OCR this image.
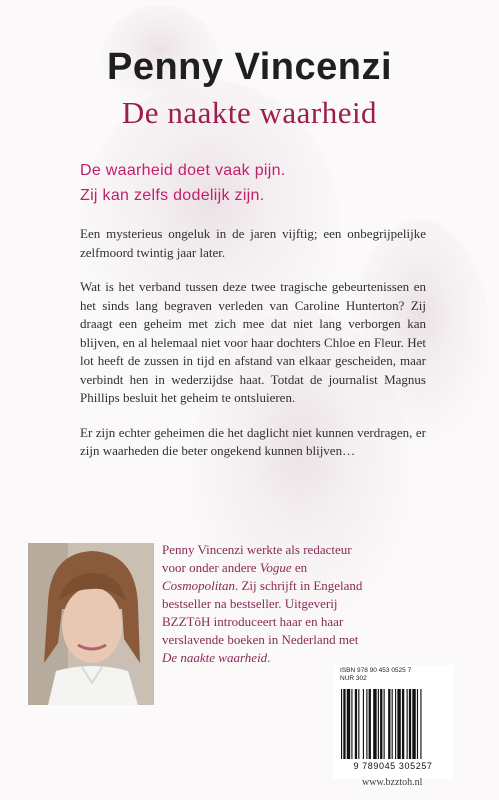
Penny Vincenzi
De naakte waarheid
De waarheid doet vaak pijn.
Zij kan zelfs dodelijk zijn.

Een mysterieus ongeluk in de jaren vijftig; een onbegrijpelijke zelfmoord twintig jaar later.

Wat is het verband tussen deze twee tragische gebeurtenissen en het sinds lang begraven verleden van Caroline Hunterton? Zij draagt een geheim met zich mee dat niet lang verborgen kan blijven, en al helemaal niet voor haar dochters Chloe en Fleur. Het lot heeft de zussen in tijd en afstand van elkaar gescheiden, maar verbindt hen in wederzijdse haat. Totdat de journalist Magnus Phillips besluit het geheim te ontsluieren.

Er zijn echter geheimen die het daglicht niet kunnen verdragen, er zijn waarheden die beter ongekend kunnen blijven…

Penny Vincenzi werkte als redacteur
voor onder andere Vogue en
Cosmopolitan. Zij schrijft in Engeland
bestseller na bestseller. Uitgeverij
BZZTôH introduceert haar en haar
verslavende boeken in Nederland met
De naakte waarheid.
ISBN 978 90 453 0525 7
NUR 302
9 789045 305257
www.bzztoh.nl
